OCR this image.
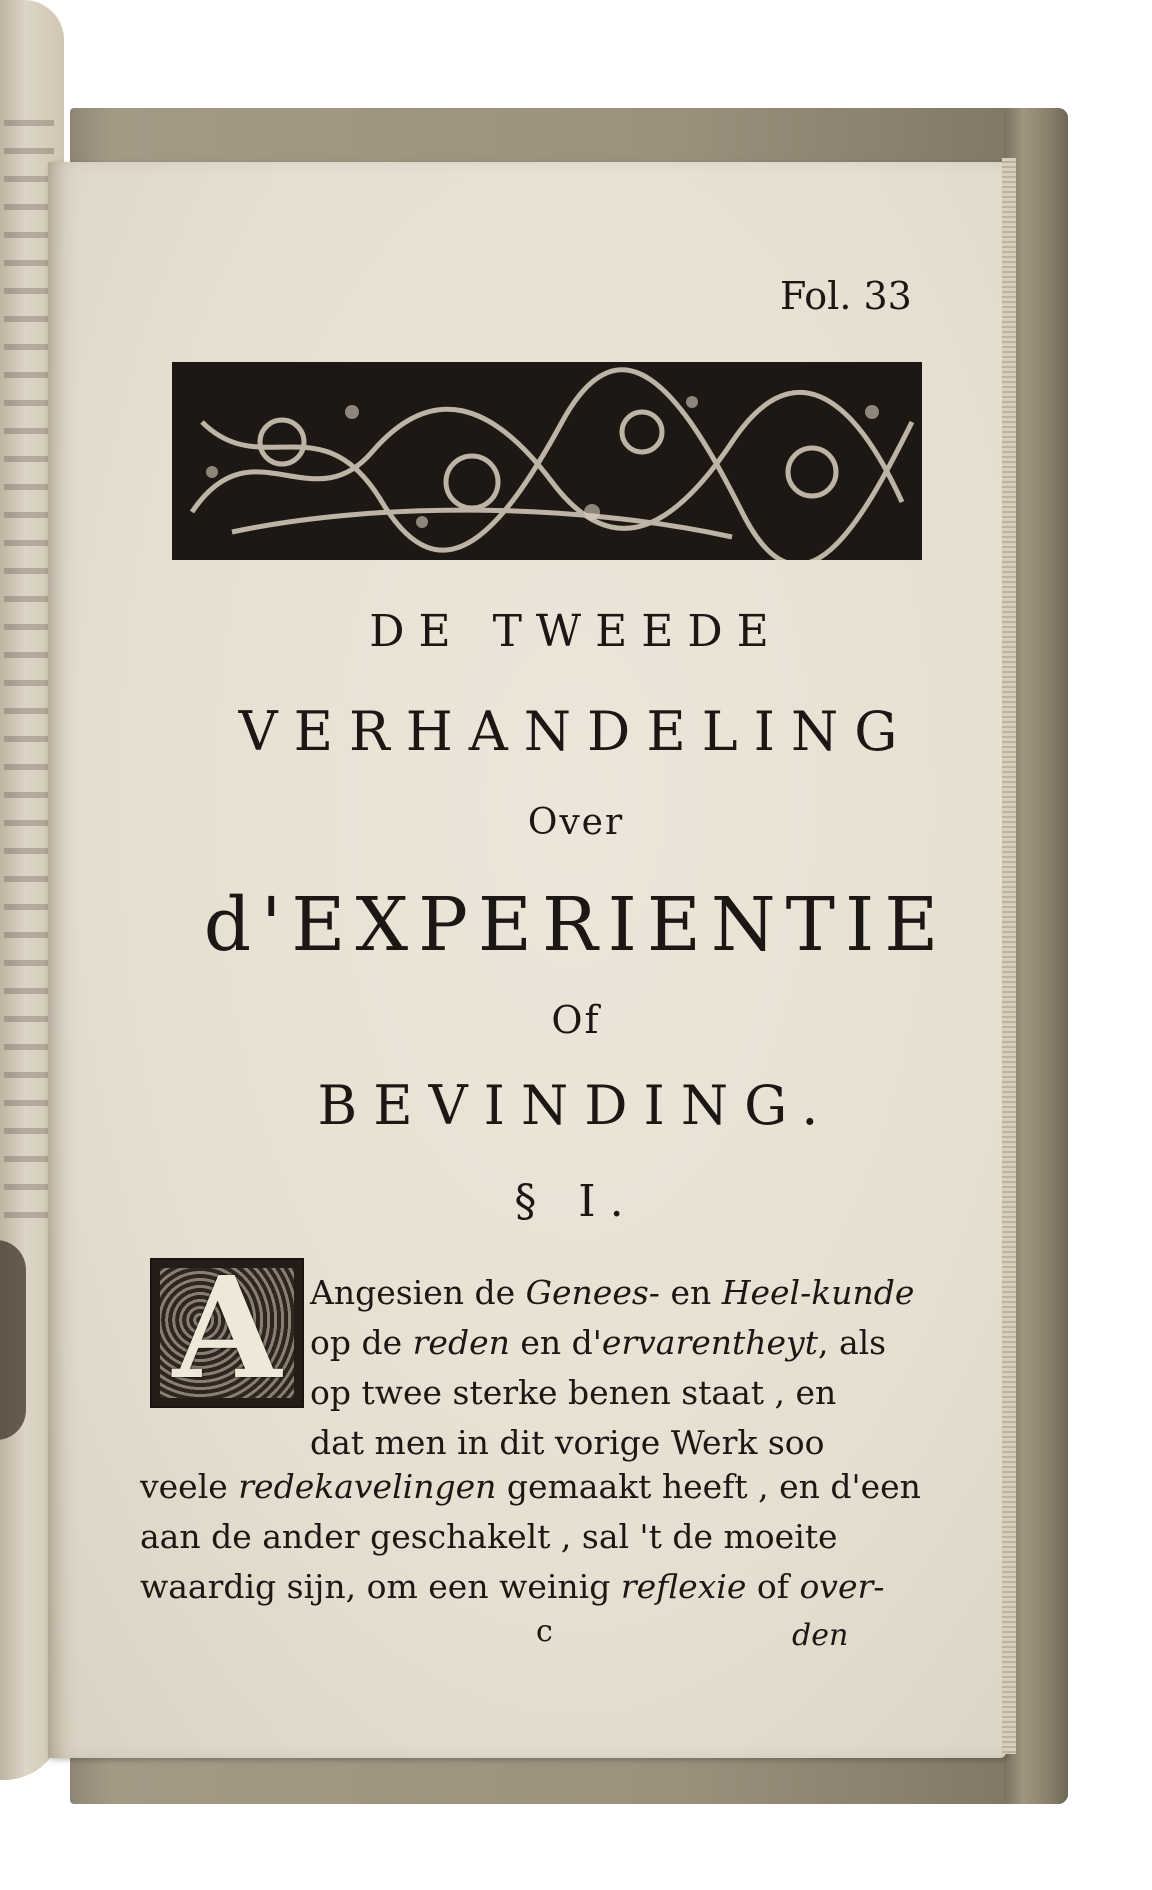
Fol. 33
DE TWEEDE
VERHANDELING
Over
d'EXPERIENTIE
Of
BEVINDING.
§ I.
A Angesien de Genees- en Heel-kunde
op de reden en d'ervarentheyt, als
op twee sterke benen staat , en
dat men in dit vorige Werk soo
veele redekavelingen gemaakt heeft , en d'een
aan de ander geschakelt , sal 't de moeite
waardig sijn, om een weinig reflexie of over-
c	den
